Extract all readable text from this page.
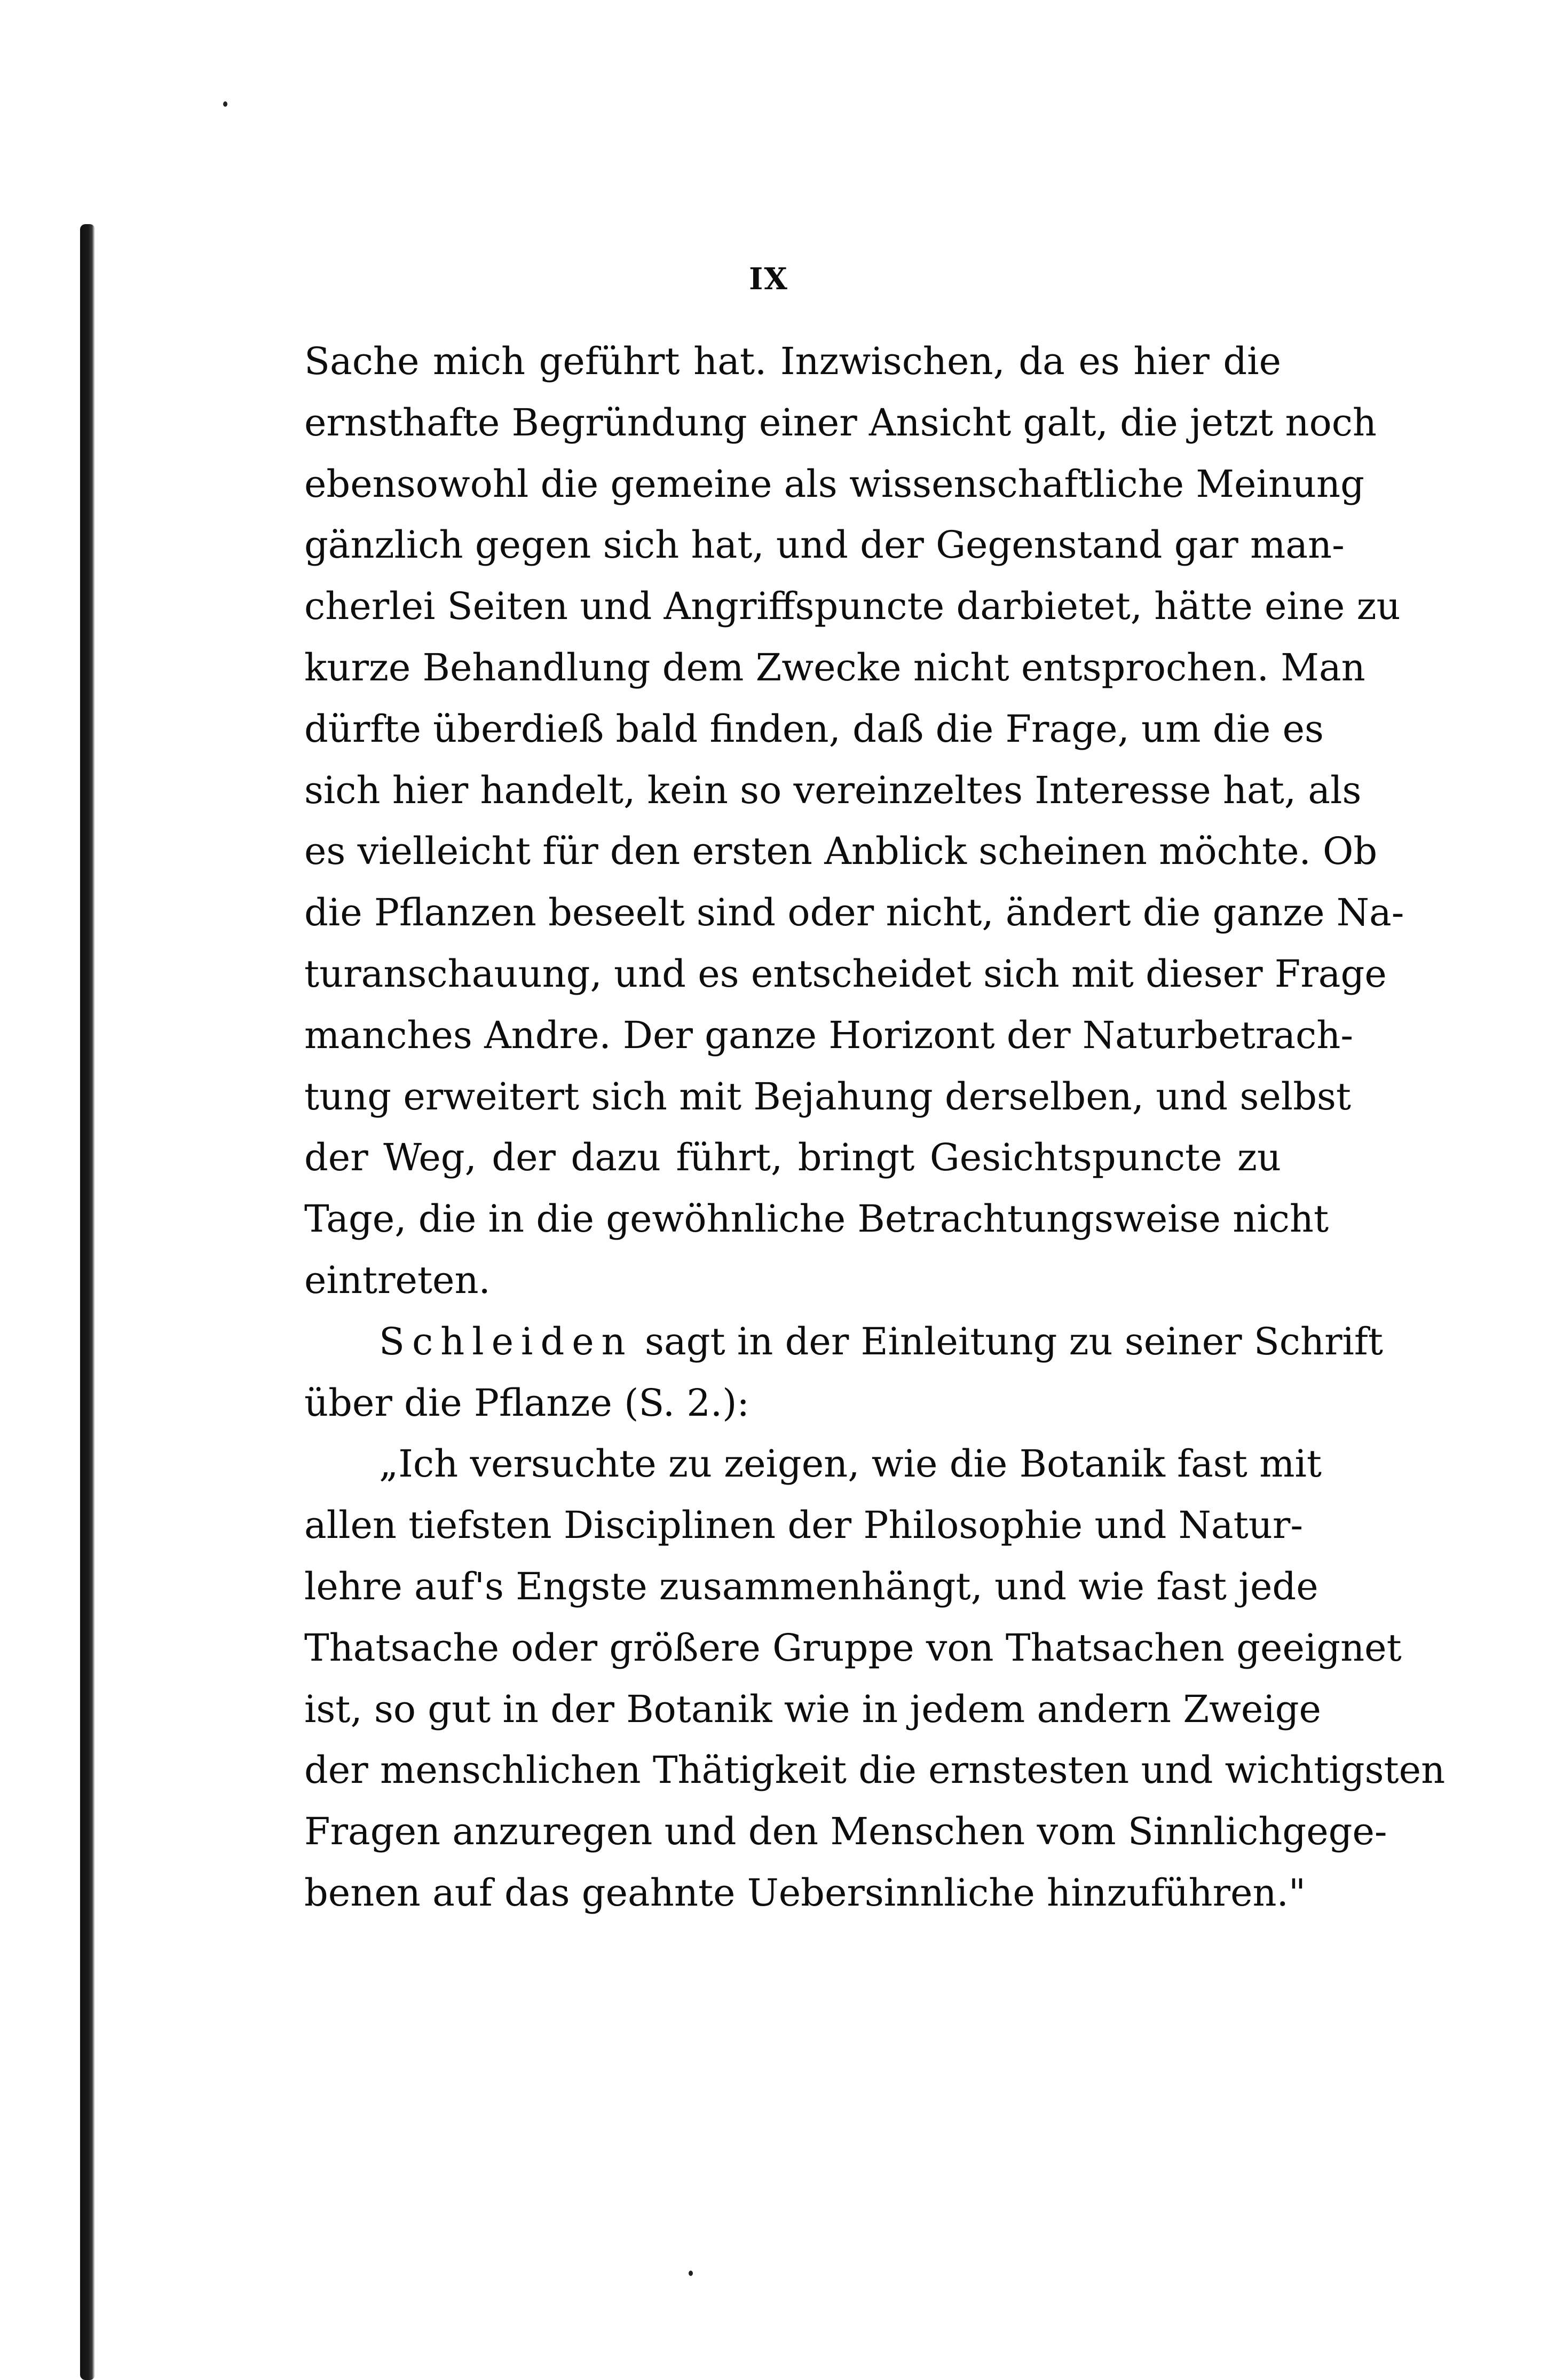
IX
Sache mich geführt hat. Inzwischen, da es hier die
ernsthafte Begründung einer Ansicht galt, die jetzt noch
ebensowohl die gemeine als wissenschaftliche Meinung
gänzlich gegen sich hat, und der Gegenstand gar man-
cherlei Seiten und Angriffspuncte darbietet, hätte eine zu
kurze Behandlung dem Zwecke nicht entsprochen. Man
dürfte überdieß bald finden, daß die Frage, um die es
sich hier handelt, kein so vereinzeltes Interesse hat, als
es vielleicht für den ersten Anblick scheinen möchte. Ob
die Pflanzen beseelt sind oder nicht, ändert die ganze Na-
turanschauung, und es entscheidet sich mit dieser Frage
manches Andre. Der ganze Horizont der Naturbetrach-
tung erweitert sich mit Bejahung derselben, und selbst
der Weg, der dazu führt, bringt Gesichtspuncte zu
Tage, die in die gewöhnliche Betrachtungsweise nicht
eintreten.
Schleiden sagt in der Einleitung zu seiner Schrift
über die Pflanze (S. 2.):
„Ich versuchte zu zeigen, wie die Botanik fast mit
allen tiefsten Disciplinen der Philosophie und Natur-
lehre auf's Engste zusammenhängt, und wie fast jede
Thatsache oder größere Gruppe von Thatsachen geeignet
ist, so gut in der Botanik wie in jedem andern Zweige
der menschlichen Thätigkeit die ernstesten und wichtigsten
Fragen anzuregen und den Menschen vom Sinnlichgege-
benen auf das geahnte Uebersinnliche hinzuführen."
